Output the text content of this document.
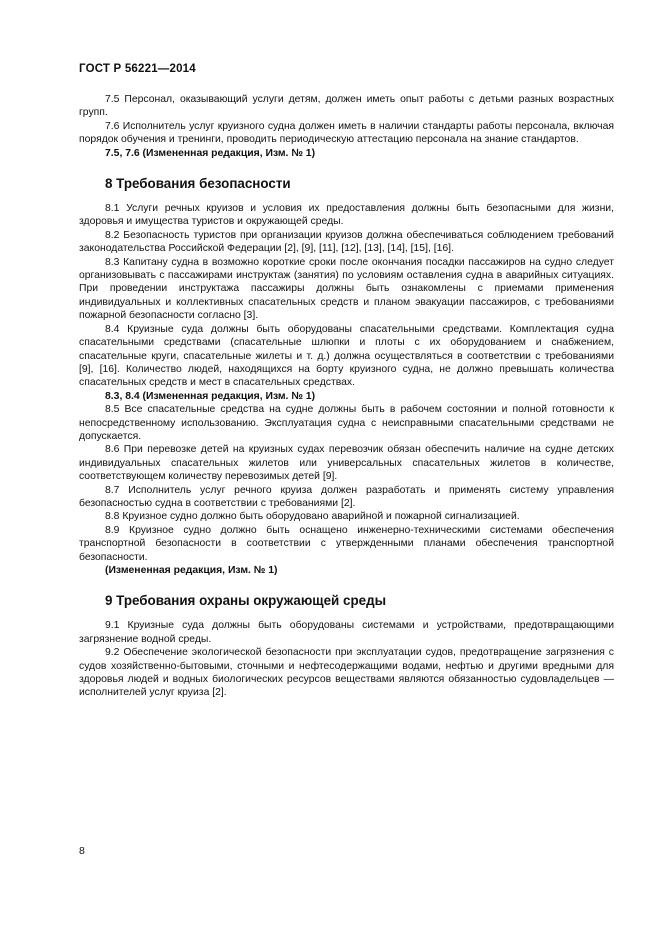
ГОСТ Р 56221—2014

7.5 Персонал, оказывающий услуги детям, должен иметь опыт работы с детьми разных возрастных групп.

7.6 Исполнитель услуг круизного судна должен иметь в наличии стандарты работы персонала, включая порядок обучения и тренинги, проводить периодическую аттестацию персонала на знание стандартов.

7.5, 7.6 (Измененная редакция, Изм. № 1)

8 Требования безопасности

8.1 Услуги речных круизов и условия их предоставления должны быть безопасными для жизни, здоровья и имущества туристов и окружающей среды.

8.2 Безопасность туристов при организации круизов должна обеспечиваться соблюдением требований законодательства Российской Федерации [2], [9], [11], [12], [13], [14], [15], [16].

8.3 Капитану судна в возможно короткие сроки после окончания посадки пассажиров на судно следует организовывать с пассажирами инструктаж (занятия) по условиям оставления судна в аварийных ситуациях. При проведении инструктажа пассажиры должны быть ознакомлены с приемами применения индивидуальных и коллективных спасательных средств и планом эвакуации пассажиров, с требованиями пожарной безопасности согласно [3].

8.4 Круизные суда должны быть оборудованы спасательными средствами. Комплектация судна спасательными средствами (спасательные шлюпки и плоты с их оборудованием и снабжением, спасательные круги, спасательные жилеты и т. д.) должна осуществляться в соответствии с требованиями [9], [16]. Количество людей, находящихся на борту круизного судна, не должно превышать количества спасательных средств и мест в спасательных средствах.

8.3, 8.4 (Измененная редакция, Изм. № 1)

8.5 Все спасательные средства на судне должны быть в рабочем состоянии и полной готовности к непосредственному использованию. Эксплуатация судна с неисправными спасательными средствами не допускается.

8.6 При перевозке детей на круизных судах перевозчик обязан обеспечить наличие на судне детских индивидуальных спасательных жилетов или универсальных спасательных жилетов в количестве, соответствующем количеству перевозимых детей [9].

8.7 Исполнитель услуг речного круиза должен разработать и применять систему управления безопасностью судна в соответствии с требованиями [2].

8.8 Круизное судно должно быть оборудовано аварийной и пожарной сигнализацией.

8.9 Круизное судно должно быть оснащено инженерно-техническими системами обеспечения транспортной безопасности в соответствии с утвержденными планами обеспечения транспортной безопасности.

(Измененная редакция, Изм. № 1)

9 Требования охраны окружающей среды

9.1 Круизные суда должны быть оборудованы системами и устройствами, предотвращающими загрязнение водной среды.

9.2 Обеспечение экологической безопасности при эксплуатации судов, предотвращение загрязнения с судов хозяйственно-бытовыми, сточными и нефтесодержащими водами, нефтью и другими вредными для здоровья людей и водных биологических ресурсов веществами являются обязанностью судовладельцев — исполнителей услуг круиза [2].

8
